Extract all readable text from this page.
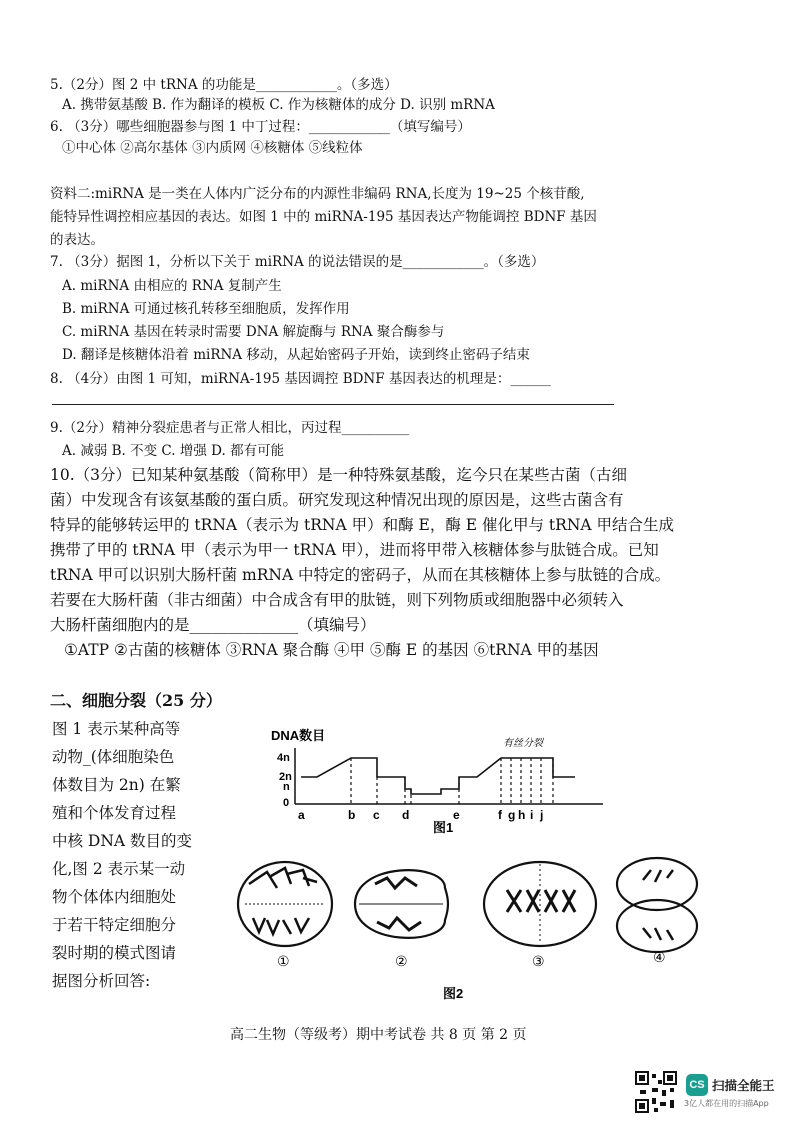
5.（2分）图 2 中 tRNA 的功能是____________。（多选）
A. 携带氨基酸 B. 作为翻译的模板 C. 作为核糖体的成分 D. 识别 mRNA
6. （3分）哪些细胞器参与图 1 中丁过程：____________（填写编号）
①中心体 ②高尔基体 ③内质网 ④核糖体 ⑤线粒体
资料二:miRNA 是一类在人体内广泛分布的内源性非编码 RNA,长度为 19~25 个核苷酸,
能特异性调控相应基因的表达。如图 1 中的 miRNA-195 基因表达产物能调控 BDNF 基因
的表达。
7. （3分）据图 1，分析以下关于 miRNA 的说法错误的是____________。（多选）
A. miRNA 由相应的 RNA 复制产生
B. miRNA 可通过核孔转移至细胞质，发挥作用
C. miRNA 基因在转录时需要 DNA 解旋酶与 RNA 聚合酶参与
D. 翻译是核糖体沿着 miRNA 移动，从起始密码子开始，读到终止密码子结束
8. （4分）由图 1 可知，miRNA-195 基因调控 BDNF 基因表达的机理是：______
9.（2分）精神分裂症患者与正常人相比，丙过程__________
A. 减弱 B. 不变 C. 增强 D. 都有可能
10.（3分）已知某种氨基酸（简称甲）是一种特殊氨基酸，迄今只在某些古菌（古细
菌）中发现含有该氨基酸的蛋白质。研究发现这种情况出现的原因是，这些古菌含有
特异的能够转运甲的 tRNA（表示为 tRNA 甲）和酶 E，酶 E 催化甲与 tRNA 甲结合生成
携带了甲的 tRNA 甲（表示为甲一 tRNA 甲），进而将甲带入核糖体参与肽链合成。已知
tRNA 甲可以识别大肠杆菌 mRNA 中特定的密码子，从而在其核糖体上参与肽链的合成。
若要在大肠杆菌（非古细菌）中合成含有甲的肽链，则下列物质或细胞器中必须转入
大肠杆菌细胞内的是______________（填编号）
①ATP ②古菌的核糖体 ③RNA 聚合酶 ④甲 ⑤酶 E 的基因 ⑥tRNA 甲的基因
二、细胞分裂（25 分）
图 1 表示某种高等
动物_(体细胞染色
体数目为 2n) 在繁
殖和个体发育过程
中核 DNA 数目的变
化,图 2 表示某一动
物个体体内细胞处
于若干特定细胞分
裂时期的模式图请
据图分析回答:
DNA数目
4n
2n
n
0
有丝分裂
a	b c d	e	f g h i j
图1
①	②	③	④
图2
高二生物（等级考）期中考试卷 共 8 页 第 2 页
CS 扫描全能王
3亿人都在用的扫描App
